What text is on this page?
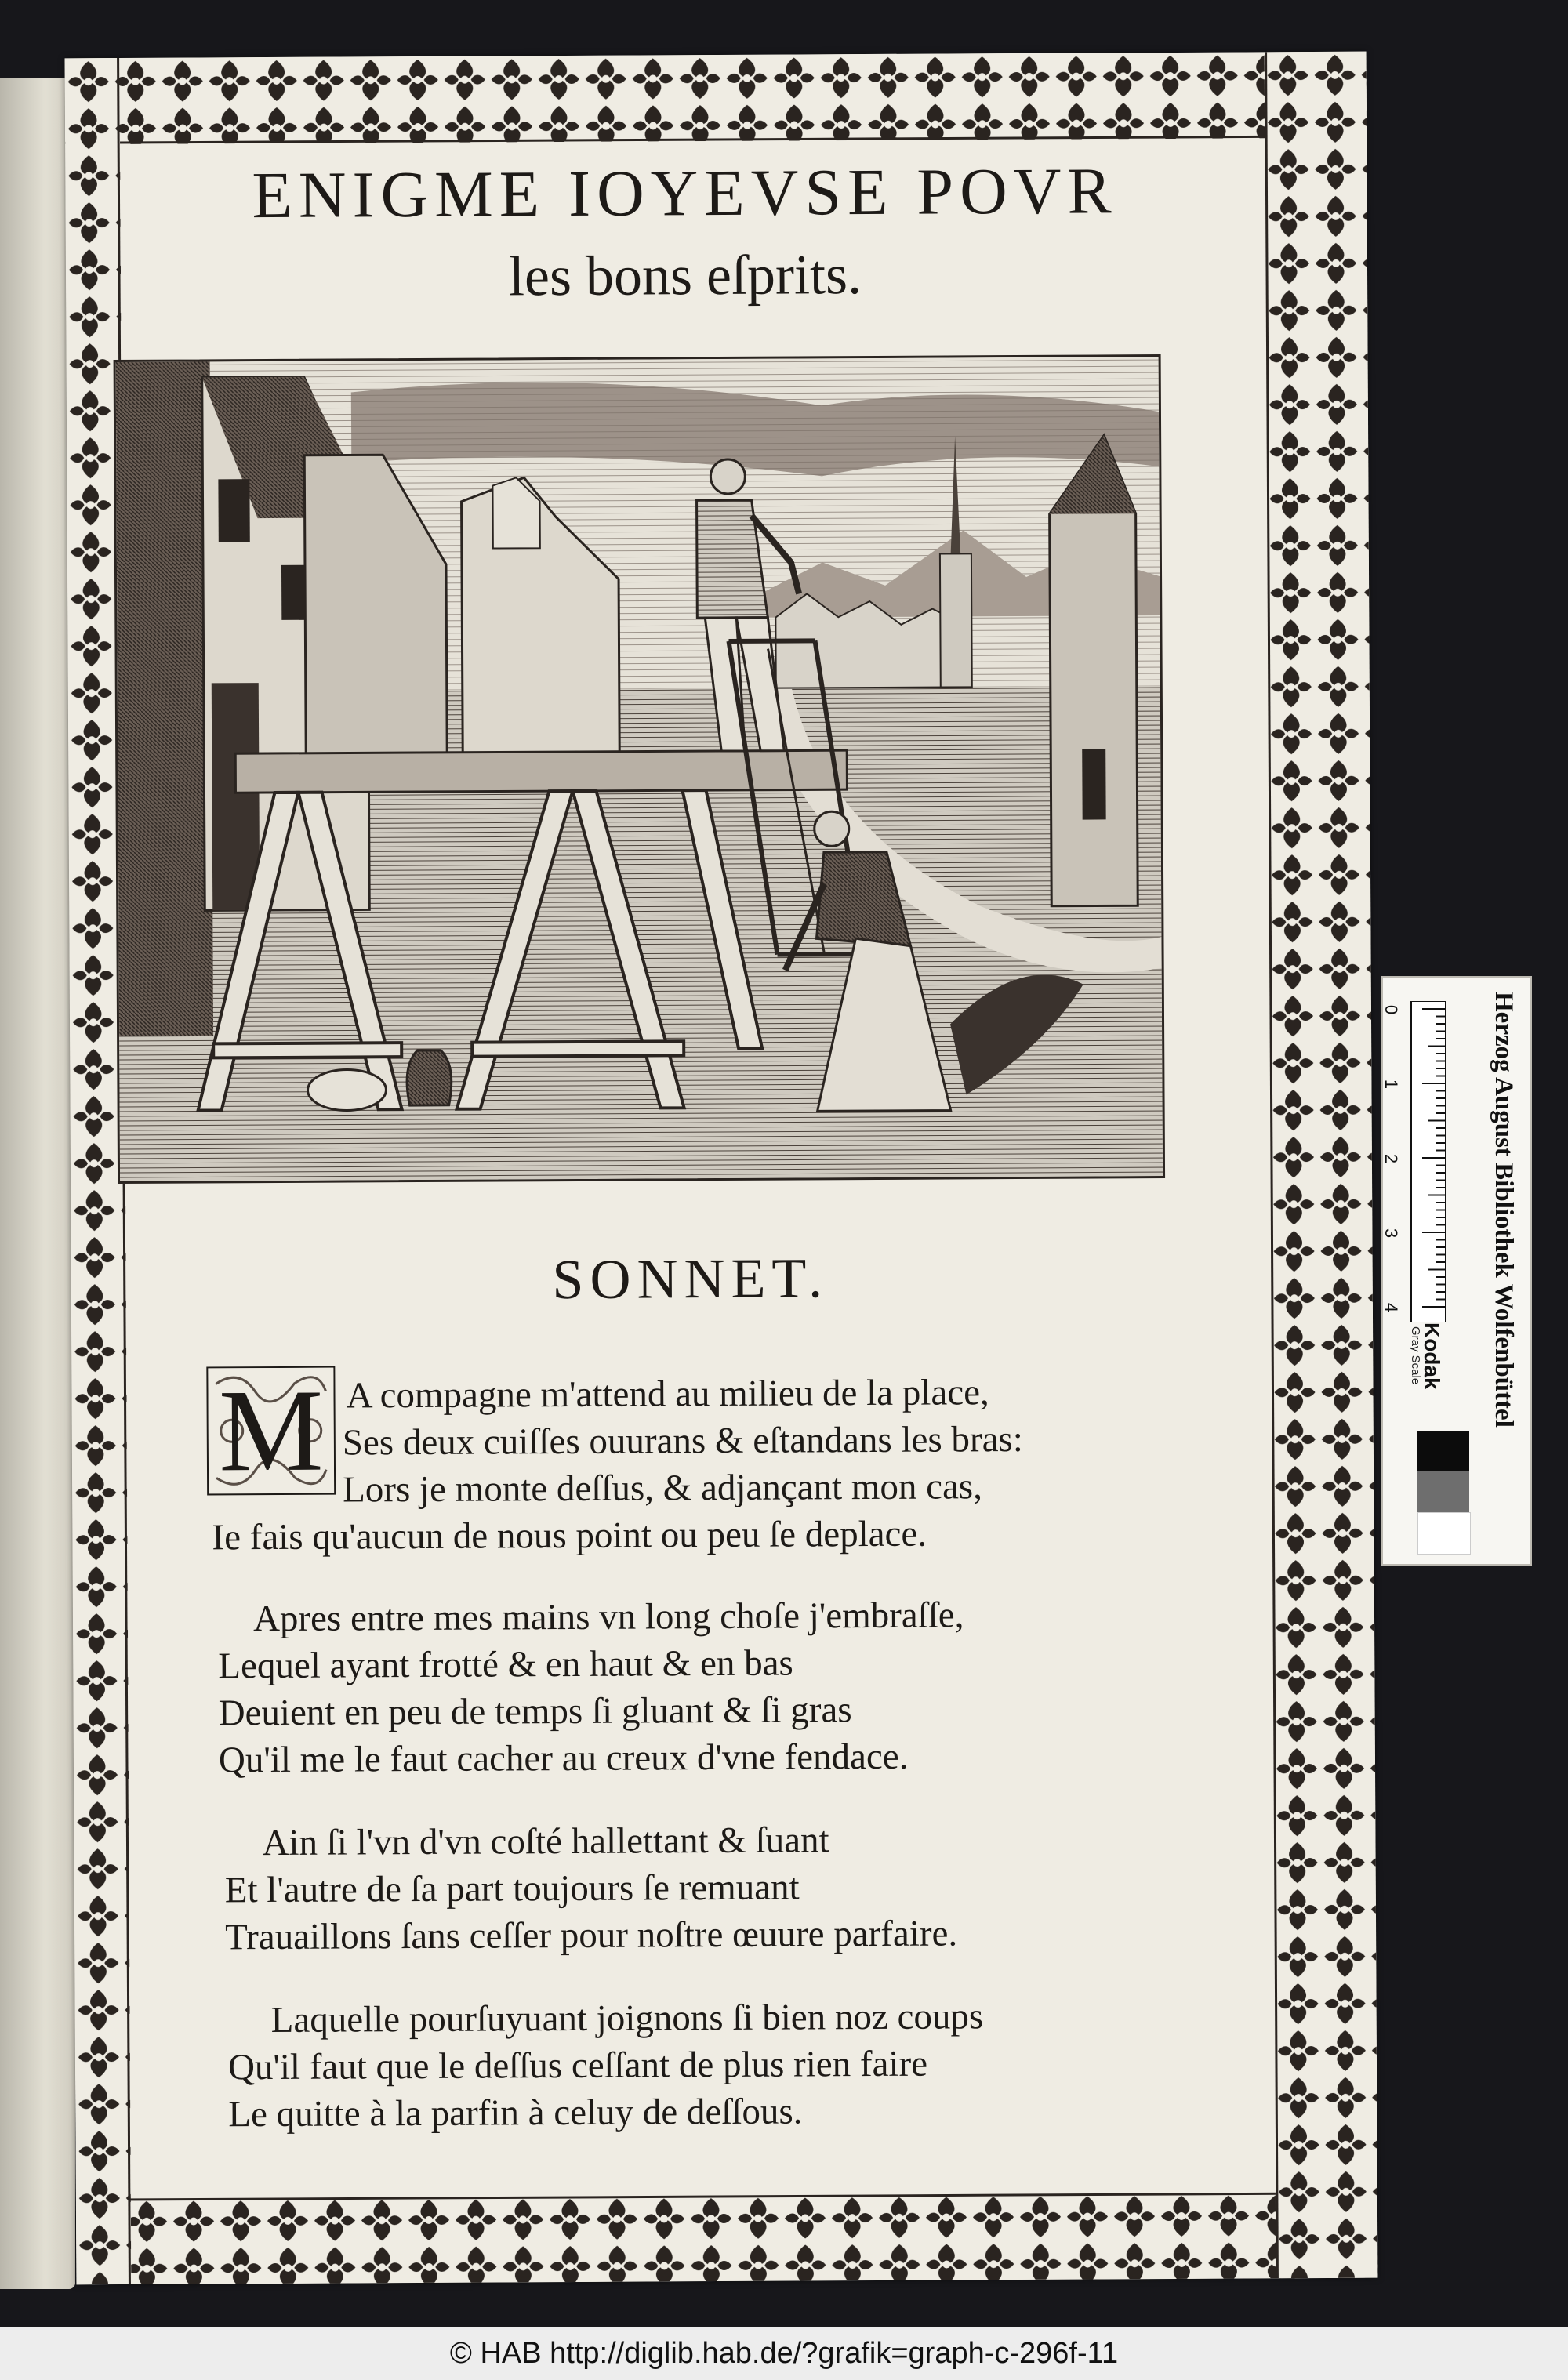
ENIGME IOYEVSE POVR
les bons eſprits.
SONNET.
M A compagne m'attend au milieu de la place,
Ses deux cuiſſes ouurans & eſtandans les bras:
Lors je monte deſſus, & adjançant mon cas,
Ie fais qu'aucun de nous point ou peu ſe deplace.
Apres entre mes mains vn long choſe j'embraſſe,
Lequel ayant frotté & en haut & en bas
Deuient en peu de temps ſi gluant & ſi gras
Qu'il me le faut cacher au creux d'vne fendace.
Ain ſi l'vn d'vn coſté hallettant & ſuant
Et l'autre de ſa part toujours ſe remuant
Trauaillons ſans ceſſer pour noſtre œuure parfaire.
Laquelle pourſuyuant joignons ſi bien noz coups
Qu'il faut que le deſſus ceſſant de plus rien faire
Le quitte à la parfin à celuy de deſſous.
0
1
2
3
4	Herzog August Bibliothek Wolfenbüttel
Kodak
Gray Scale
© HAB http://diglib.hab.de/?grafik=graph-c-296f-11
